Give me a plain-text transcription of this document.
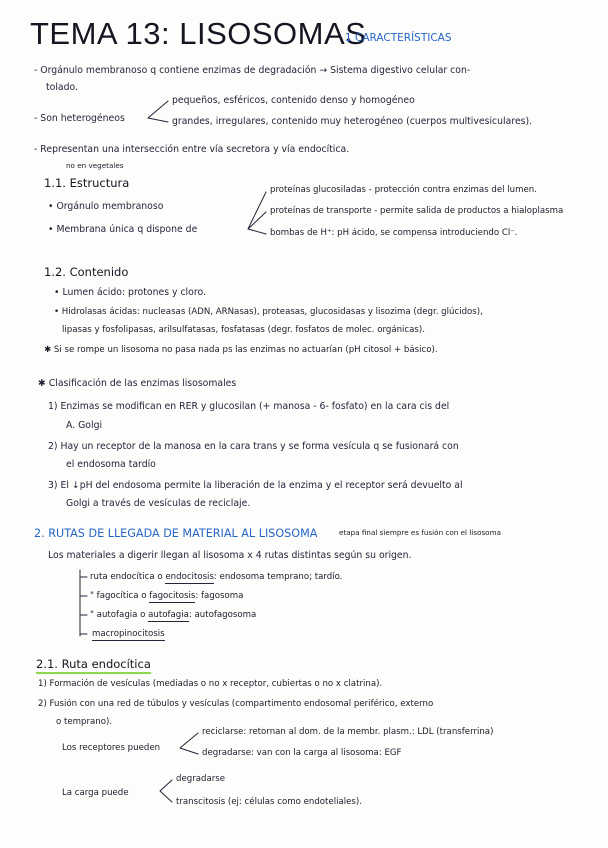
TEMA 13: LISOSOMAS
1 CARACTERÍSTICAS
- Orgánulo membranoso q contiene enzimas de degradación → Sistema digestivo celular con-
tolado.
- Son heterogéneos
pequeños, esféricos, contenido denso y homogéneo
grandes, irregulares, contenido muy heterogéneo (cuerpos multivesiculares).
- Representan una intersección entre vía secretora y vía endocítica.
no en vegetales
1.1. Estructura
• Orgánulo membranoso
• Membrana única q dispone de
proteínas glucosiladas - protección contra enzimas del lumen.
proteínas de transporte - permite salida de productos a hialoplasma
bombas de H⁺: pH ácido, se compensa introduciendo Cl⁻.
1.2. Contenido
• Lumen ácido: protones y cloro.
• Hidrolasas ácidas: nucleasas (ADN, ARNasas), proteasas, glucosidasas y lisozima (degr. glúcidos),
lipasas y fosfolipasas, arilsulfatasas, fosfatasas (degr. fosfatos de molec. orgánicas).
✱ Si se rompe un lisosoma no pasa nada ps las enzimas no actuarían (pH citosol + básico).
✱ Clasificación de las enzimas lisosomales
1) Enzimas se modifican en RER y glucosilan (+ manosa - 6- fosfato) en la cara cis del
A. Golgi
2) Hay un receptor de la manosa en la cara trans y se forma vesícula q se fusionará con
el endosoma tardío
3) El ↓pH del endosoma permite la liberación de la enzima y el receptor será devuelto al
Golgi a través de vesículas de reciclaje.
2. RUTAS DE LLEGADA DE MATERIAL AL LISOSOMA	etapa final siempre es fusión con el lisosoma
Los materiales a digerir llegan al lisosoma x 4 rutas distintas según su origen.
ruta endocítica o endocitosis: endosoma temprano; tardío.
" fagocítica o fagocitosis: fagosoma
" autofagia o autofagia: autofagosoma
macropinocitosis
2.1. Ruta endocítica
1) Formación de vesículas (mediadas o no x receptor, cubiertas o no x clatrina).
2) Fusión con una red de túbulos y vesículas (compartimento endosomal periférico, externo
o temprano).
Los receptores pueden
reciclarse: retornan al dom. de la membr. plasm.: LDL (transferrina)
degradarse: van con la carga al lisosoma: EGF
La carga puede
degradarse
transcitosis (ej: células como endoteliales).
